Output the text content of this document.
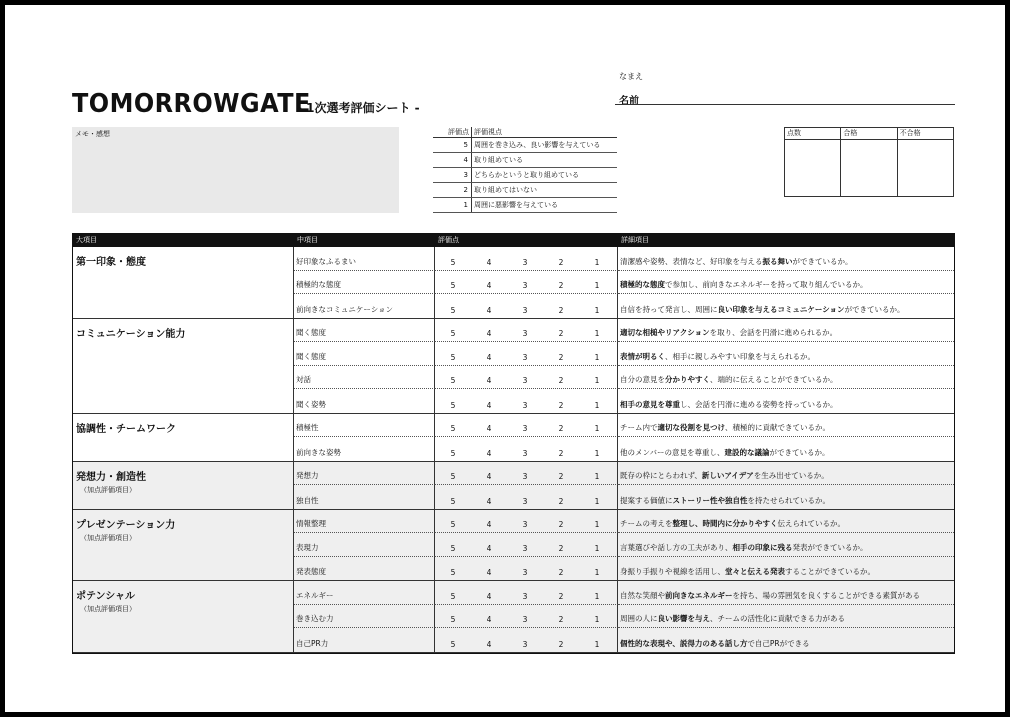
TOMORROWGATE
- 1次選考評価シート -
なまえ
名前
メモ・感想	評価点 評価視点
5 周囲を巻き込み、良い影響を与えている
4 取り組めている
3 どちらかというと取り組めている
2 取り組めてはいない
1 周囲に悪影響を与えている
点数	合格	不合格
大項目	中項目	評価点	詳細項目
第一印象・態度	好印象なふるまい	5	4	3	2	1	清潔感や姿勢、表情など、好印象を与える 振る舞い ができているか。
積極的な態度	5	4	3	2	1	積極的な態度 で参加し、前向きなエネルギーを持って取り組んでいるか。
前向きなコミュニケーション	5	4	3	2	1	自信を持って発言し、周囲に 良い印象を与えるコミュニケーション ができているか。
コミュニケーション能力	聞く態度	5	4	3	2	1	適切な相槌やリアクション を取り、会話を円滑に進められるか。
聞く態度	5	4	3	2	1	表情が明るく 、相手に親しみやすい印象を与えられるか。
対話	5	4	3	2	1	自分の意見を 分かりやすく 、端的に伝えることができているか。
聞く姿勢	5	4	3	2	1	相手の意見を尊重 し、会話を円滑に進める姿勢を持っているか。
協調性・チームワーク	積極性	5	4	3	2	1	チーム内で 適切な役割を見つけ 、積極的に貢献できているか。
前向きな姿勢	5	4	3	2	1	他のメンバーの意見を尊重し、 建設的な議論 ができているか。
発想力・創造性
（加点評価項目）
発想力	5	4	3	2	1	既存の枠にとらわれず、 新しいアイデア を生み出せているか。
独自性	5	4	3	2	1	提案する価値に ストーリー性や独自性 を持たせられているか。
プレゼンテーション力
（加点評価項目）
情報整理	5	4	3	2	1	チームの考えを 整理し、時間内に分かりやすく 伝えられているか。
表現力	5	4	3	2	1	言葉選びや話し方の工夫があり、 相手の印象に残る 発表ができているか。
発表態度	5	4	3	2	1	身振り手振りや視線を活用し、 堂々と伝える発表 することができているか。
ポテンシャル
（加点評価項目）
エネルギー	5	4	3	2	1	自然な笑顔や 前向きなエネルギー を持ち、場の雰囲気を良くすることができる素質がある
巻き込む力	5	4	3	2	1	周囲の人に 良い影響を与え 、チームの活性化に貢献できる力がある
自己PR力	5	4	3	2	1	個性的な表現や、説得力のある話し方 で自己PRができる
